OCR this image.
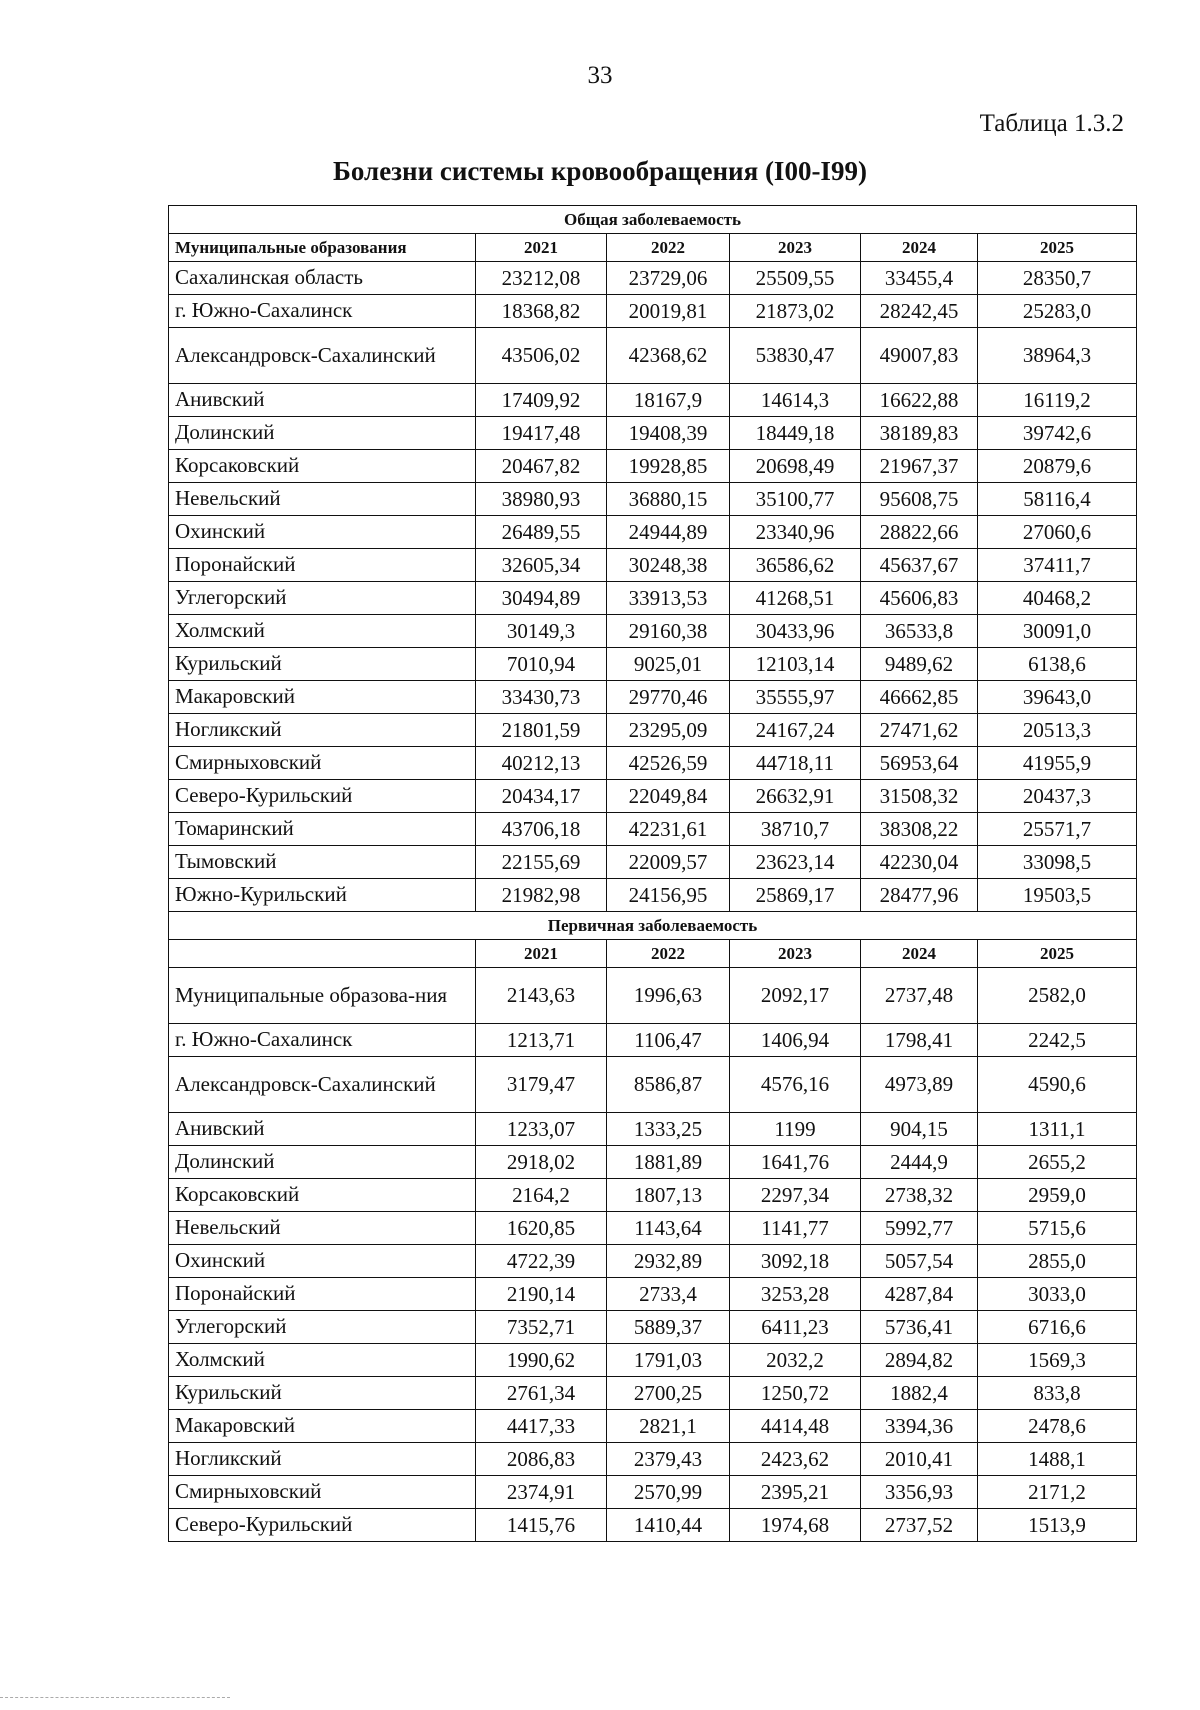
33
Таблица 1.3.2
Болезни системы кровообращения (I00-I99)
Общая заболеваемость					
Муниципальные образования	2021	2022	2023	2024	2025
Сахалинская область	23212,08	23729,06	25509,55	33455,4	28350,7
г. Южно-Сахалинск	18368,82	20019,81	21873,02	28242,45	25283,0
Александровск-Сахалинский	43506,02	42368,62	53830,47	49007,83	38964,3
Анивский	17409,92	18167,9	14614,3	16622,88	16119,2
Долинский	19417,48	19408,39	18449,18	38189,83	39742,6
Корсаковский	20467,82	19928,85	20698,49	21967,37	20879,6
Невельский	38980,93	36880,15	35100,77	95608,75	58116,4
Охинский	26489,55	24944,89	23340,96	28822,66	27060,6
Поронайский	32605,34	30248,38	36586,62	45637,67	37411,7
Углегорский	30494,89	33913,53	41268,51	45606,83	40468,2
Холмский	30149,3	29160,38	30433,96	36533,8	30091,0
Курильский	7010,94	9025,01	12103,14	9489,62	6138,6
Макаровский	33430,73	29770,46	35555,97	46662,85	39643,0
Ногликский	21801,59	23295,09	24167,24	27471,62	20513,3
Смирныховский	40212,13	42526,59	44718,11	56953,64	41955,9
Северо-Курильский	20434,17	22049,84	26632,91	31508,32	20437,3
Томаринский	43706,18	42231,61	38710,7	38308,22	25571,7
Тымовский	22155,69	22009,57	23623,14	42230,04	33098,5
Южно-Курильский	21982,98	24156,95	25869,17	28477,96	19503,5
Первичная заболеваемость					
	2021	2022	2023	2024	2025
Муниципальные образова-ния	2143,63	1996,63	2092,17	2737,48	2582,0
г. Южно-Сахалинск	1213,71	1106,47	1406,94	1798,41	2242,5
Александровск-Сахалинский	3179,47	8586,87	4576,16	4973,89	4590,6
Анивский	1233,07	1333,25	1199	904,15	1311,1
Долинский	2918,02	1881,89	1641,76	2444,9	2655,2
Корсаковский	2164,2	1807,13	2297,34	2738,32	2959,0
Невельский	1620,85	1143,64	1141,77	5992,77	5715,6
Охинский	4722,39	2932,89	3092,18	5057,54	2855,0
Поронайский	2190,14	2733,4	3253,28	4287,84	3033,0
Углегорский	7352,71	5889,37	6411,23	5736,41	6716,6
Холмский	1990,62	1791,03	2032,2	2894,82	1569,3
Курильский	2761,34	2700,25	1250,72	1882,4	833,8
Макаровский	4417,33	2821,1	4414,48	3394,36	2478,6
Ногликский	2086,83	2379,43	2423,62	2010,41	1488,1
Смирныховский	2374,91	2570,99	2395,21	3356,93	2171,2
Северо-Курильский	1415,76	1410,44	1974,68	2737,52	1513,9
